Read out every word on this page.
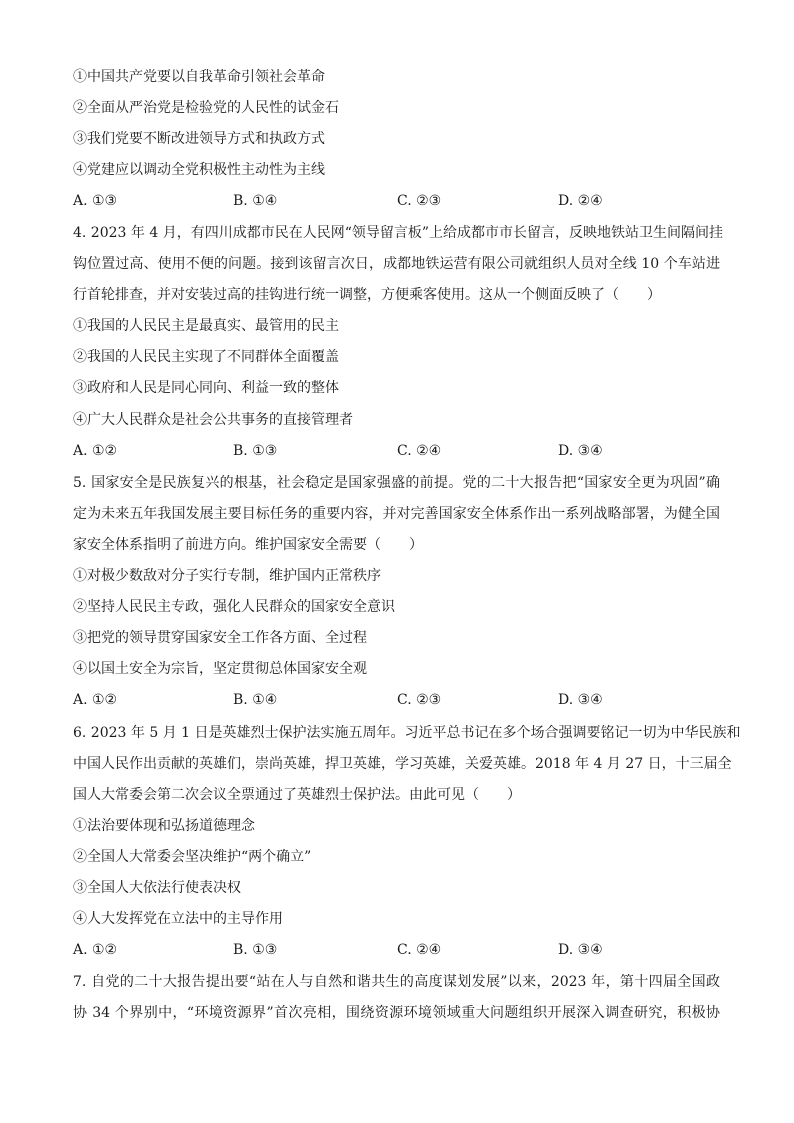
①中国共产党要以自我革命引领社会革命
②全面从严治党是检验党的人民性的试金石
③我们党要不断改进领导方式和执政方式
④党建应以调动全党积极性主动性为主线
A. ①③	B. ①④	C. ②③	D. ②④
4. 2023 年 4 月，有四川成都市民在人民网“领导留言板”上给成都市市长留言，反映地铁站卫生间隔间挂
钩位置过高、使用不便的问题。接到该留言次日，成都地铁运营有限公司就组织人员对全线 10 个车站进
行首轮排查，并对安装过高的挂钩进行统一调整，方便乘客使用。这从一个侧面反映了（　　）
①我国的人民民主是最真实、最管用的民主
②我国的人民民主实现了不同群体全面覆盖
③政府和人民是同心同向、利益一致的整体
④广大人民群众是社会公共事务的直接管理者
A. ①②	B. ①③	C. ②④	D. ③④
5. 国家安全是民族复兴的根基，社会稳定是国家强盛的前提。党的二十大报告把“国家安全更为巩固”确
定为未来五年我国发展主要目标任务的重要内容，并对完善国家安全体系作出一系列战略部署，为健全国
家安全体系指明了前进方向。维护国家安全需要（　　）
①对极少数敌对分子实行专制，维护国内正常秩序
②坚持人民民主专政，强化人民群众的国家安全意识
③把党的领导贯穿国家安全工作各方面、全过程
④以国土安全为宗旨，坚定贯彻总体国家安全观
A. ①②	B. ①④	C. ②③	D. ③④
6. 2023 年 5 月 1 日是英雄烈士保护法实施五周年。习近平总书记在多个场合强调要铭记一切为中华民族和
中国人民作出贡献的英雄们，崇尚英雄，捍卫英雄，学习英雄，关爱英雄。2018 年 4 月 27 日，十三届全
国人大常委会第二次会议全票通过了英雄烈士保护法。由此可见（　　）
①法治要体现和弘扬道德理念
②全国人大常委会坚决维护“两个确立”
③全国人大依法行使表决权
④人大发挥党在立法中的主导作用
A. ①②	B. ①③	C. ②④	D. ③④
7. 自党的二十大报告提出要“站在人与自然和谐共生的高度谋划发展”以来，2023 年，第十四届全国政
协 34 个界别中，“环境资源界”首次亮相，围绕资源环境领域重大问题组织开展深入调查研究，积极协
